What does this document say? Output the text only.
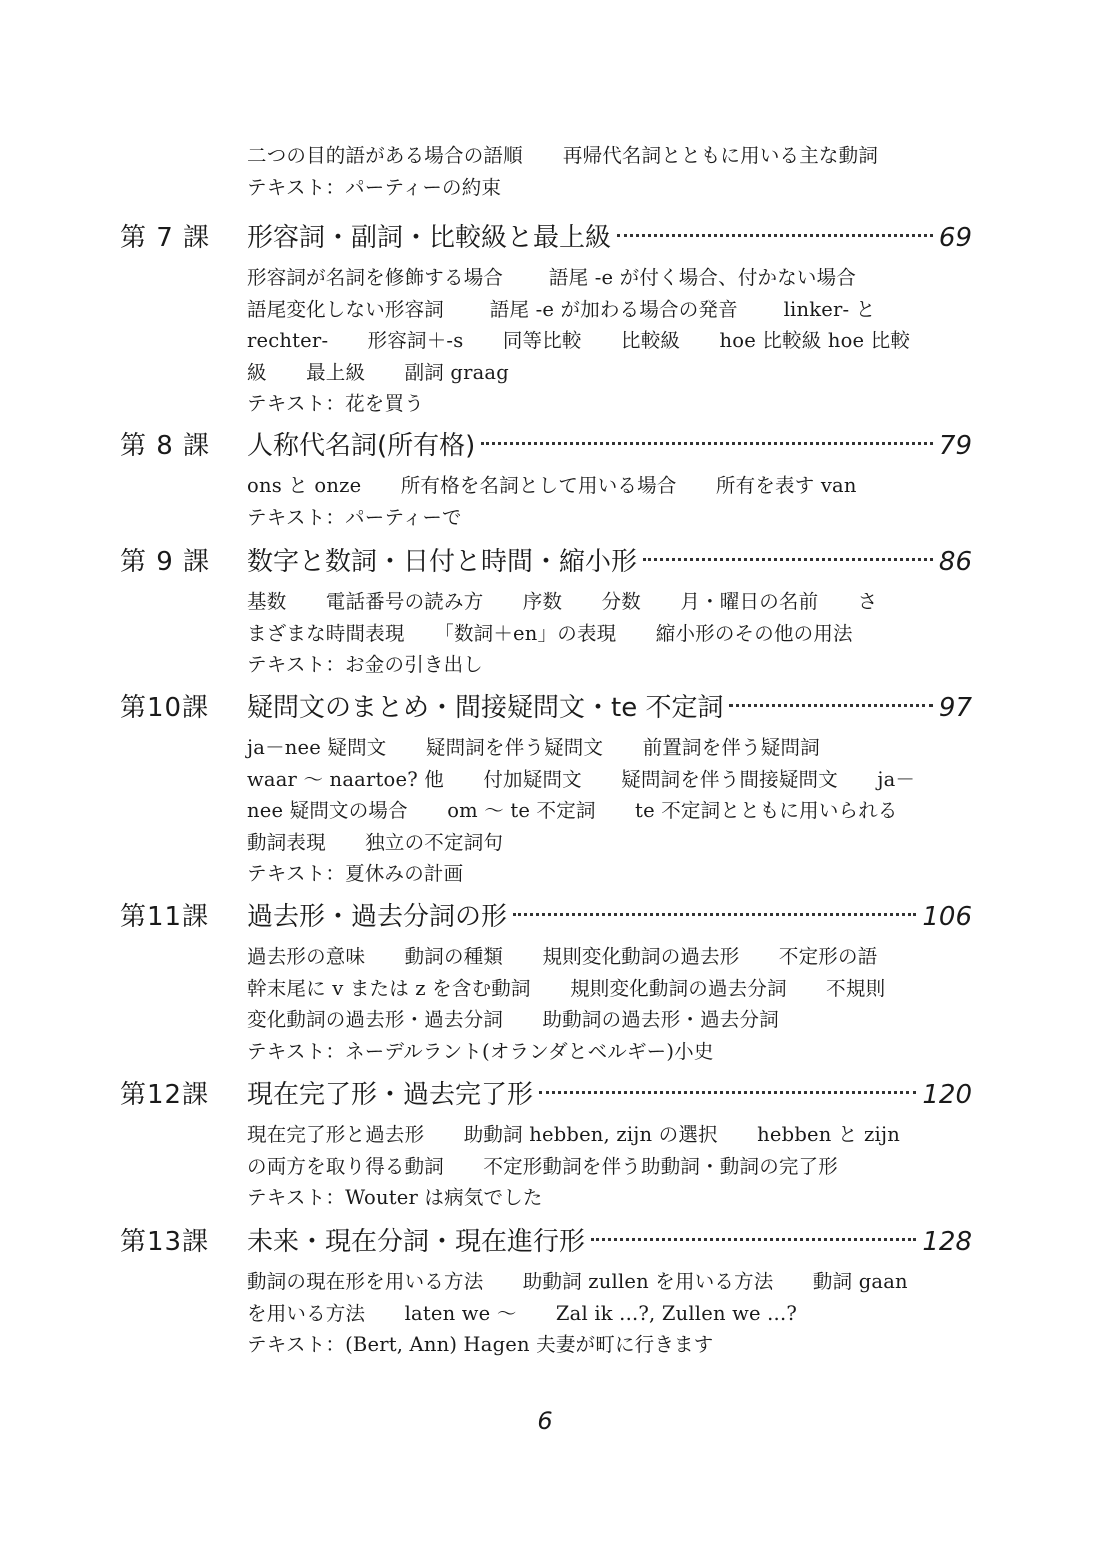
二つの目的語がある場合の語順 再帰代名詞とともに用いる主な動詞
テキスト：パーティーの約束
第 7 課 形容詞・副詞・比較級と最上級	69
形容詞が名詞を修飾する場合　　 語尾 -e が付く場合、付かない場合
語尾変化しない形容詞　　 語尾 -e が加わる場合の発音　　 linker- と
rechter-　　形容詞＋-s　　同等比較　　比較級　　hoe 比較級 hoe 比較
級　　最上級　　副詞 graag
テキスト：花を買う
第 8 課 人称代名詞(所有格)	79
ons と onze　　所有格を名詞として用いる場合　　所有を表す van
テキスト：パーティーで
第 9 課 数字と数詞・日付と時間・縮小形	86
基数　　電話番号の読み方　　序数　　分数　　月・曜日の名前　　さ
まざまな時間表現　　「数詞＋en」の表現　　縮小形のその他の用法
テキスト：お金の引き出し
第10課 疑問文のまとめ・間接疑問文・te 不定詞	97
ja－nee 疑問文　　疑問詞を伴う疑問文　　前置詞を伴う疑問詞
waar 〜 naartoe? 他　　付加疑問文　　疑問詞を伴う間接疑問文　　ja－
nee 疑問文の場合　　om 〜 te 不定詞　　te 不定詞とともに用いられる
動詞表現　　独立の不定詞句
テキスト：夏休みの計画
第11課 過去形・過去分詞の形	106
過去形の意味　　動詞の種類　　規則変化動詞の過去形　　不定形の語
幹末尾に v または z を含む動詞　　規則変化動詞の過去分詞　　不規則
変化動詞の過去形・過去分詞　　助動詞の過去形・過去分詞
テキスト：ネーデルラント(オランダとベルギー)小史
第12課 現在完了形・過去完了形	120
現在完了形と過去形　　助動詞 hebben, zijn の選択　　hebben と zijn
の両方を取り得る動詞　　不定形動詞を伴う助動詞・動詞の完了形
テキスト：Wouter は病気でした
第13課 未来・現在分詞・現在進行形	128
動詞の現在形を用いる方法　　助動詞 zullen を用いる方法　　動詞 gaan
を用いる方法　　laten we 〜　　Zal ik ...?, Zullen we ...?
テキスト：(Bert, Ann) Hagen 夫妻が町に行きます
6
